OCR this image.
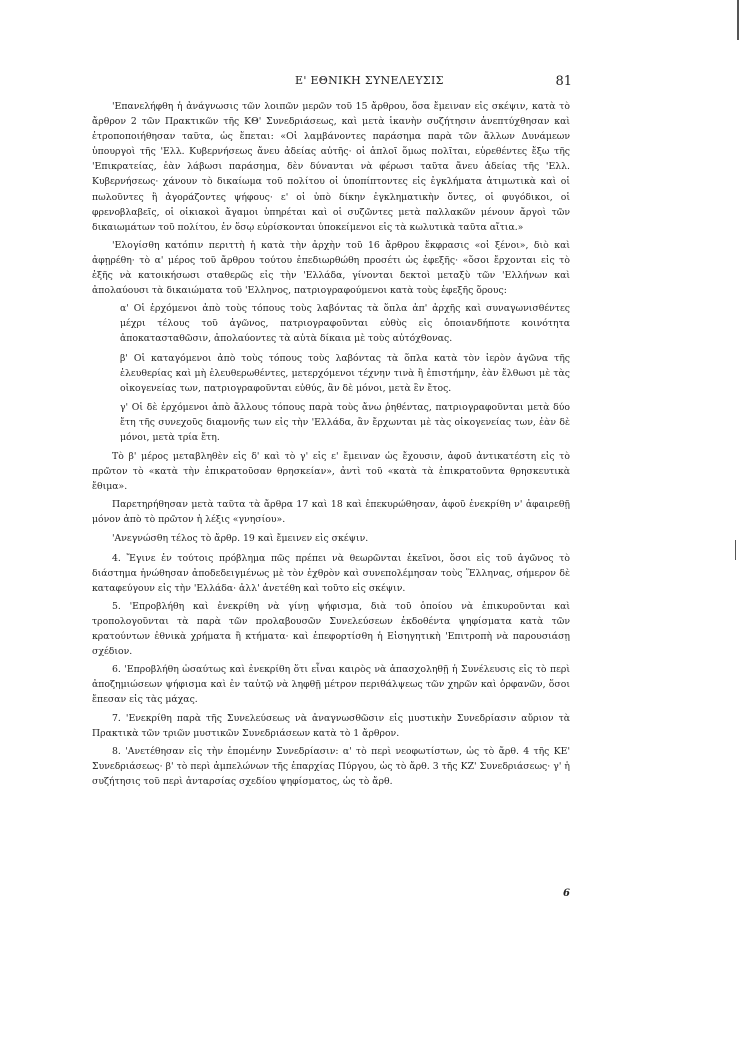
Ε' ΕΘΝΙΚΗ ΣΥΝΕΛΕΥΣΙΣ	81

'Επανελήφθη ἡ ἀνάγνωσις τῶν λοιπῶν μερῶν τοῦ 15 ἄρθρου, ὅσα ἔμειναν εἰς σκέψιν, κατὰ τὸ ἄρθρον 2 τῶν Πρακτικῶν τῆς ΚΘ' Συνεδριάσεως, καὶ μετὰ ἱκανὴν συζήτησιν ἀνεπτύχθησαν καὶ ἐτροποποιήθησαν ταῦτα, ὡς ἕπεται: «Οἱ λαμβάνοντες παράσημα παρὰ τῶν ἄλλων Δυνάμεων ὑπουργοὶ τῆς 'Ελλ. Κυβερνήσεως ἄνευ ἀδείας αὐτῆς· οἱ ἁπλοῖ ὅμως πολῖται, εὑρεθέντες ἔξω τῆς 'Επικρατείας, ἐὰν λάβωσι παράσημα, δὲν δύνανται νὰ φέρωσι ταῦτα ἄνευ ἀδείας τῆς 'Ελλ. Κυβερνήσεως· χάνουν τὸ δικαίωμα τοῦ πολίτου οἱ ὑποπίπτοντες εἰς ἐγκλήματα ἀτιμωτικὰ καὶ οἱ πωλοῦντες ἢ ἀγοράζοντες ψήφους· ε' οἱ ὑπὸ δίκην ἐγκληματικὴν ὄντες, οἱ φυγόδικοι, οἱ φρενοβλαβεῖς, οἱ οἰκιακοὶ ἄγαμοι ὑπηρέται καὶ οἱ συζῶντες μετὰ παλλακῶν μένουν ἄργοὶ τῶν δικαιωμάτων τοῦ πολίτου, ἐν ὅσῳ εὑρίσκονται ὑποκείμενοι εἰς τὰ κωλυτικὰ ταῦτα αἴτια.»

'Ελογίσθη κατόπιν περιττὴ ἡ κατὰ τὴν ἀρχὴν τοῦ 16 ἄρθρου ἔκφρασις «οἱ ξένοι», διὸ καὶ ἀφῃρέθη· τὸ α' μέρος τοῦ ἄρθρου τούτου ἐπεδιωρθώθη προσέτι ὡς ἐφεξῆς· «ὅσοι ἔρχονται εἰς τὸ ἑξῆς νὰ κατοικήσωσι σταθερῶς εἰς τὴν 'Ελλάδα, γίνονται δεκτοὶ μεταξὺ τῶν 'Ελλήνων καὶ ἀπολαύουσι τὰ δικαιώματα τοῦ 'Ελληνος, πατριογραφούμενοι κατὰ τοὺς ἑφεξῆς ὅρους:

α' Οἱ ἐρχόμενοι ἀπὸ τοὺς τόπους τοὺς λαβόντας τὰ ὅπλα ἀπ' ἀρχῆς καὶ συναγωνισθέντες μέχρι τέλους τοῦ ἀγῶνος, πατριογραφοῦνται εὐθὺς εἰς ὁποιανδήποτε κοινότητα ἀποκατασταθῶσιν, ἀπολαύοντες τὰ αὐτὰ δίκαια μὲ τοὺς αὐτόχθονας.

β' Οἱ καταγόμενοι ἀπὸ τοὺς τόπους τοὺς λαβόντας τὰ ὅπλα κατὰ τὸν ἱερὸν ἀγῶνα τῆς ἐλευθερίας καὶ μὴ ἐλευθερωθέντες, μετερχόμενοι τέχνην τινὰ ἢ ἐπιστήμην, ἐὰν ἔλθωσι μὲ τὰς οἰκογενείας των, πατριογραφοῦνται εὐθύς, ἂν δὲ μόνοι, μετὰ ἓν ἔτος.

γ' Οἱ δὲ ἐρχόμενοι ἀπὸ ἄλλους τόπους παρὰ τοὺς ἄνω ῥηθέντας, πατριογραφοῦνται μετὰ δύο ἔτη τῆς συνεχοῦς διαμονῆς των εἰς τὴν 'Ελλάδα, ἂν ἔρχωνται μὲ τὰς οἰκογενείας των, ἐὰν δὲ μόνοι, μετὰ τρία ἔτη.

Τὸ β' μέρος μεταβληθὲν εἰς δ' καὶ τὸ γ' εἰς ε' ἔμειναν ὡς ἔχουσιν, ἀφοῦ ἀντικατέστη εἰς τὸ πρῶτον τὸ «κατὰ τὴν ἐπικρατοῦσαν θρησκείαν», ἀντὶ τοῦ «κατὰ τὰ ἐπικρατοῦντα θρησκευτικὰ ἔθιμα».

Παρετηρήθησαν μετὰ ταῦτα τὰ ἄρθρα 17 καὶ 18 καὶ ἐπεκυρώθησαν, ἀφοῦ ἐνεκρίθη ν' ἀφαιρεθῇ μόνον ἀπὸ τὸ πρῶτον ἡ λέξις «γνησίου».

'Ανεγνώσθη τέλος τὸ ἄρθρ. 19 καὶ ἔμεινεν εἰς σκέψιν.

4. Ἔγινε ἐν τούτοις πρόβλημα πῶς πρέπει νὰ θεωρῶνται ἐκεῖνοι, ὅσοι εἰς τοῦ ἀγῶνος τὸ διάστημα ἡνώθησαν ἀποδεδειγμένως μὲ τὸν ἐχθρὸν καὶ συνεπολέμησαν τοὺς Ἕλληνας, σήμερον δὲ καταφεύγουν εἰς τὴν 'Ελλάδα· ἀλλ' ἀνετέθη καὶ τοῦτο εἰς σκέψιν.

5. 'Επροβλήθη καὶ ἐνεκρίθη νὰ γίνῃ ψήφισμα, διὰ τοῦ ὁποίου νὰ ἐπικυροῦνται καὶ τροπολογοῦνται τὰ παρὰ τῶν προλαβουσῶν Συνελεύσεων ἐκδοθέντα ψηφίσματα κατὰ τῶν κρατούντων ἐθνικὰ χρήματα ἢ κτήματα· καὶ ἐπεφορτίσθη ἡ Εἰσηγητικὴ 'Επιτροπὴ νὰ παρουσιάσῃ σχέδιον.

6. 'Επροβλήθη ὡσαύτως καὶ ἐνεκρίθη ὅτι εἶναι καιρὸς νὰ ἀπασχοληθῇ ἡ Συνέλευσις εἰς τὸ περὶ ἀποζημιώσεων ψήφισμα καὶ ἐν ταὐτῷ νὰ ληφθῇ μέτρον περιθάλψεως τῶν χηρῶν καὶ ὀρφανῶν, ὅσοι ἔπεσαν εἰς τὰς μάχας.

7. 'Ενεκρίθη παρὰ τῆς Συνελεύσεως νὰ ἀναγνωσθῶσιν εἰς μυστικὴν Συνεδρίασιν αὔριον τὰ Πρακτικὰ τῶν τριῶν μυστικῶν Συνεδριάσεων κατὰ τὸ 1 ἄρθρον.

8. 'Ανετέθησαν εἰς τὴν ἐπομένην Συνεδρίασιν: α' τὸ περὶ νεοφωτίστων, ὡς τὸ ἄρθ. 4 τῆς ΚΕ' Συνεδριάσεως· β' τὸ περὶ ἀμπελώνων τῆς ἐπαρχίας Πύργου, ὡς τὸ ἄρθ. 3 τῆς ΚΖ' Συνεδριάσεως· γ' ἡ συζήτησις τοῦ περὶ ἀνταρσίας σχεδίου ψηφίσματος, ὡς τὸ ἄρθ.

6
